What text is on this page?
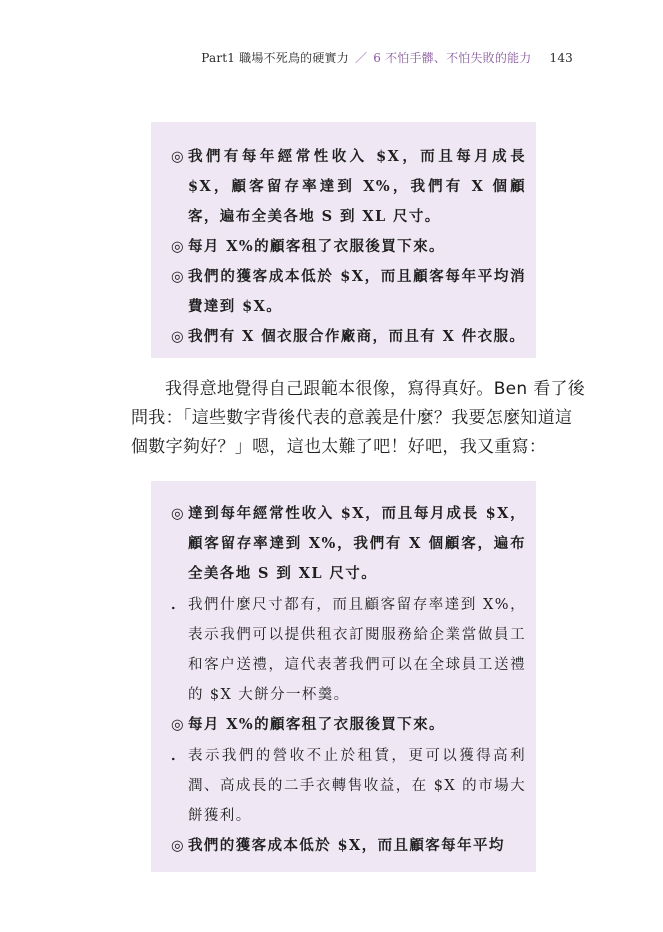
Part1 職場不死鳥的硬實力 ／ 6 不怕手髒、不怕失敗的能力 143
◎ 我們有每年經常性收入 $X，而且每月成長 $X，顧客留存率達到 X%，我們有 X 個顧客，遍布全美各地 S 到 XL 尺寸。
◎ 每月 X%的顧客租了衣服後買下來。
◎ 我們的獲客成本低於 $X，而且顧客每年平均消費達到 $X。
◎ 我們有 X 個衣服合作廠商，而且有 X 件衣服。
我得意地覺得自己跟範本很像，寫得真好。Ben 看了後
問我：「這些數字背後代表的意義是什麼？我要怎麼知道這
個數字夠好？」嗯，這也太難了吧！好吧，我又重寫：
◎ 達到每年經常性收入 $X，而且每月成長 $X，顧客留存率達到 X%，我們有 X 個顧客，遍布全美各地 S 到 XL 尺寸。
． 我們什麼尺寸都有，而且顧客留存率達到 X%，表示我們可以提供租衣訂閱服務給企業當做員工和客户送禮，這代表著我們可以在全球員工送禮的 $X 大餅分一杯羹。
◎ 每月 X%的顧客租了衣服後買下來。
． 表示我們的營收不止於租賃，更可以獲得高利潤、高成長的二手衣轉售收益，在 $X 的市場大餅獲利。
◎ 我們的獲客成本低於 $X，而且顧客每年平均
